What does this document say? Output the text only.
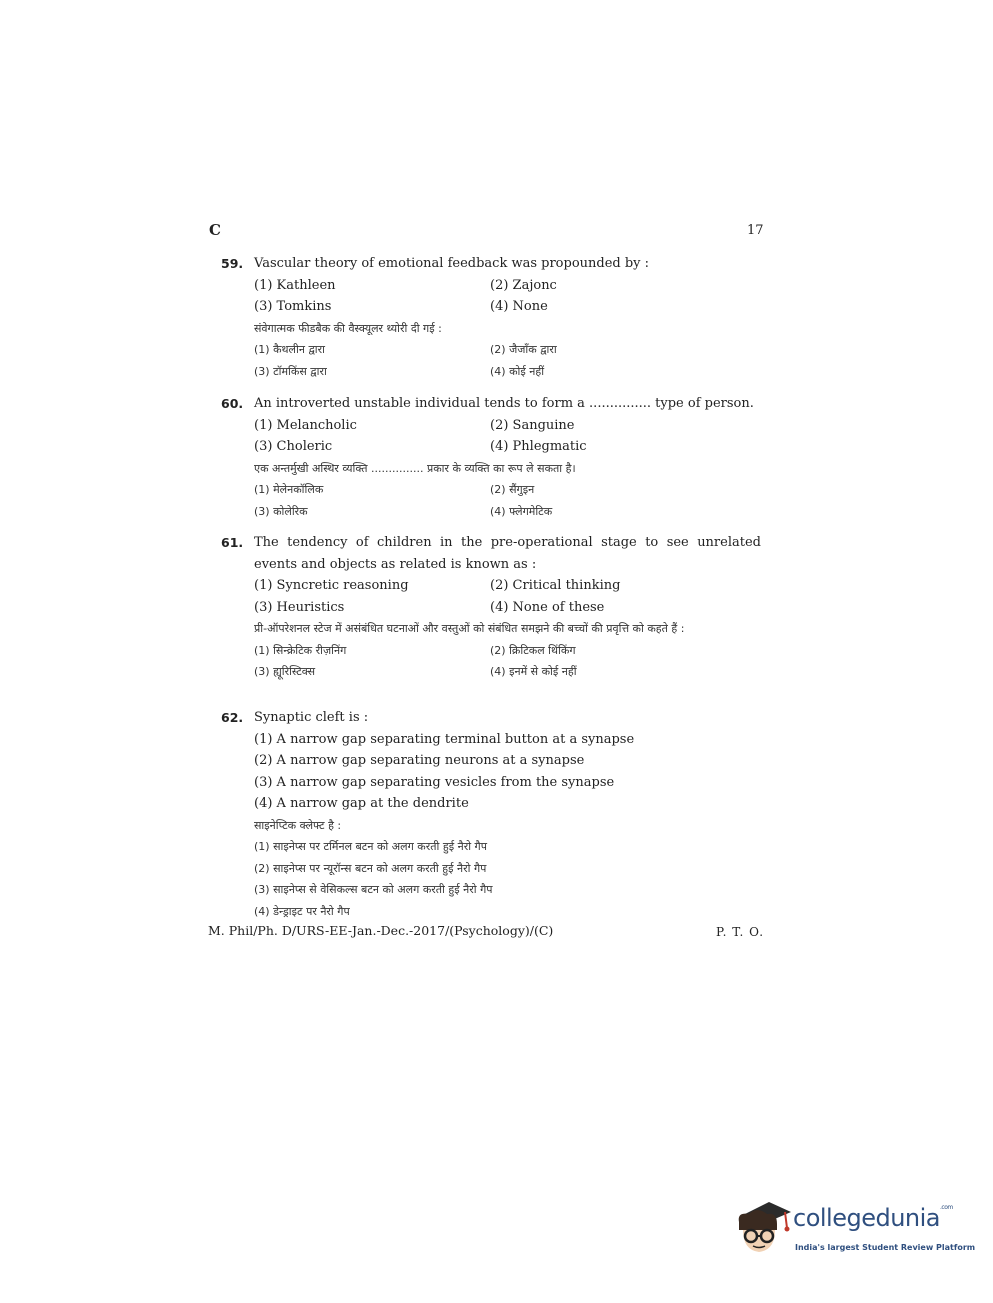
C	17
59. Vascular theory of emotional feedback was propounded by :
(1) Kathleen	(2) Zajonc
(3) Tomkins	(4) None
संवेगात्मक फीडबैक की वैस्क्यूलर थ्योरी दी गई :
(1) कैथलीन द्वारा	(2) जैजॉंक द्वारा
(3) टॉमकिंस द्वारा	(4) कोई नहीं
60. An introverted unstable individual tends to form a ............... type of person.
(1) Melancholic	(2) Sanguine
(3) Choleric	(4) Phlegmatic
एक अन्तर्मुखी अस्थिर व्यक्ति ............... प्रकार के व्यक्ति का रूप ले सकता है।
(1) मेलेनकॉलिक	(2) सैंगुइन
(3) कोलेरिक	(4) फ्लेगमेटिक
61. The tendency of children in the pre-operational stage to see unrelated events and objects as related is known as :
(1) Syncretic reasoning	(2) Critical thinking
(3) Heuristics	(4) None of these
प्री-ऑपरेशनल स्टेज में असंबंधित घटनाओं और वस्तुओं को संबंधित समझने की बच्चों की प्रवृत्ति को कहते हैं :
(1) सिन्क्रेटिक रीज़निंग	(2) क्रिटिकल थिंकिंग
(3) ह्यूरिस्टिक्स	(4) इनमें से कोई नहीं
62. Synaptic cleft is :
(1) A narrow gap separating terminal button at a synapse
(2) A narrow gap separating neurons at a synapse
(3) A narrow gap separating vesicles from the synapse
(4) A narrow gap at the dendrite
साइनेप्टिक क्लेफ्ट है :
(1) साइनेप्स पर टर्मिनल बटन को अलग करती हुई नैरो गैप
(2) साइनेप्स पर न्यूरॉन्स बटन को अलग करती हुई नैरो गैप
(3) साइनेप्स से वेसिकल्स बटन को अलग करती हुई नैरो गैप
(4) डेन्ड्राइट पर नैरो गैप
M. Phil/Ph. D/URS-EE-Jan.-Dec.-2017/(Psychology)/(C)	P. T. O.
collegedunia$^{.com}$
India's largest Student Review Platform
